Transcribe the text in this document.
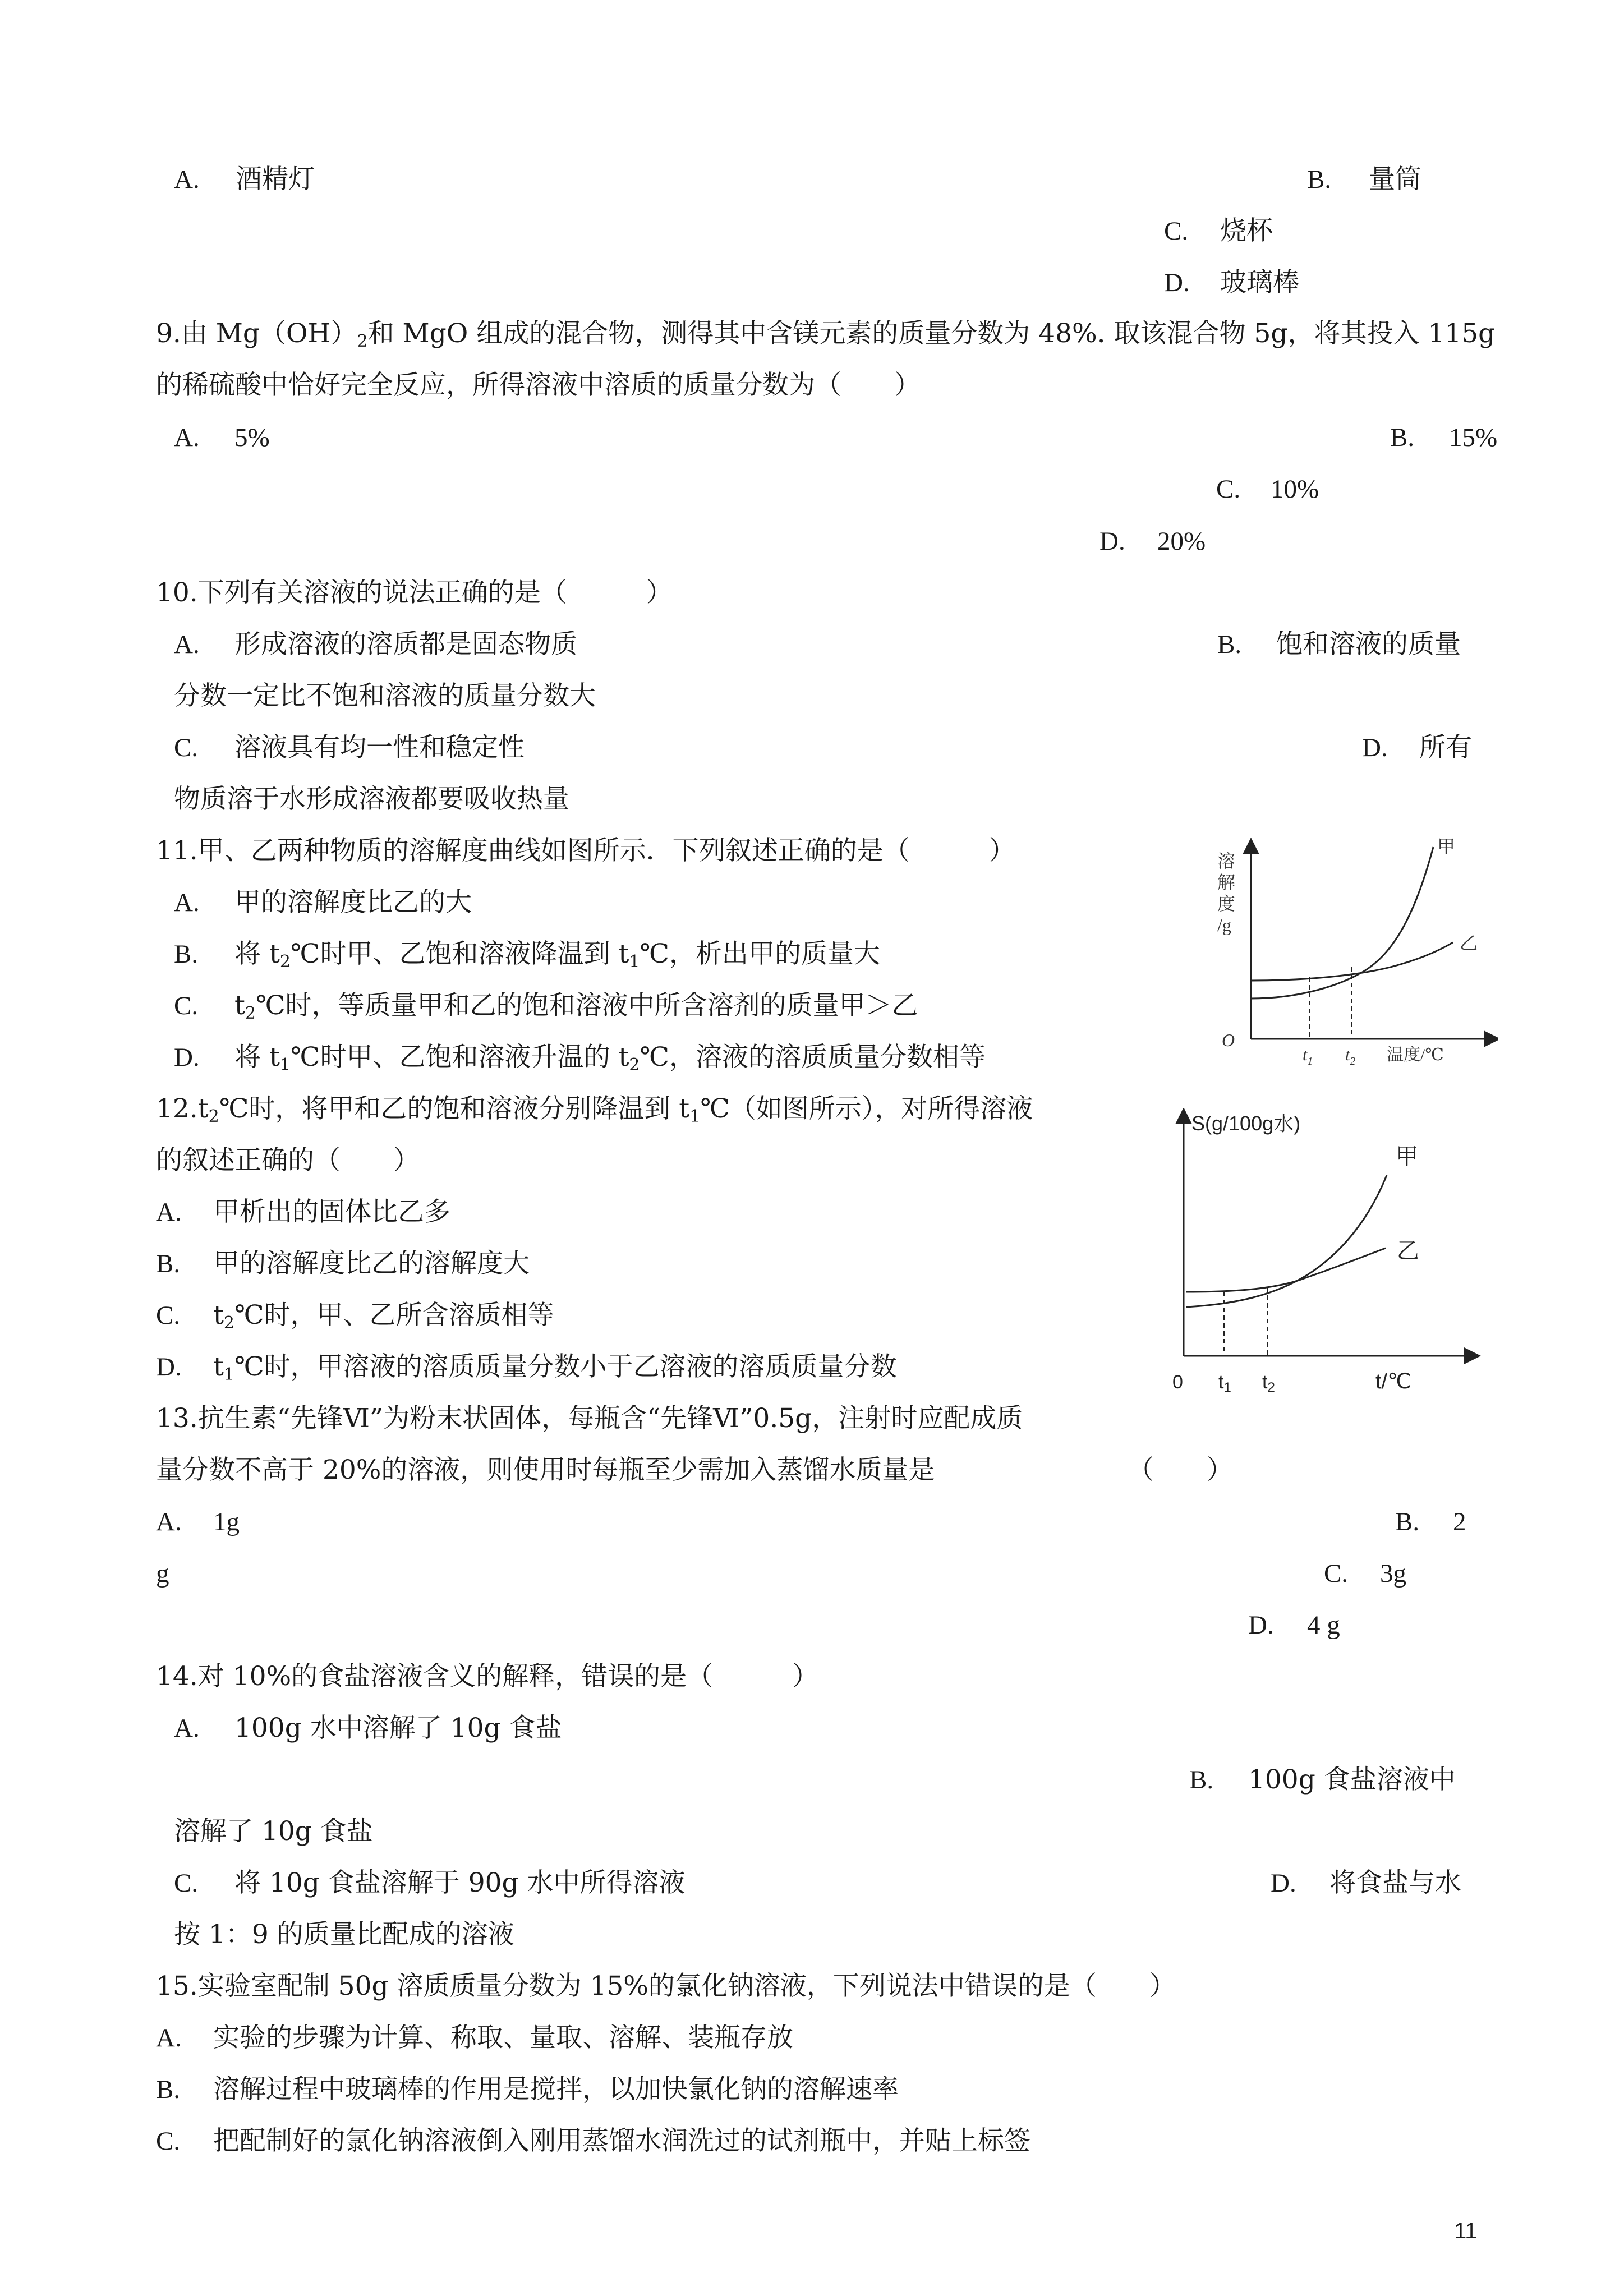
A. 酒精灯	B. 量筒
C. 烧杯
D. 玻璃棒
9.由 $Mg(OH)_2$和 MgO 组成的混合物，测得其中含镁元素的质量分数为 48%. 取该混合物 5g，将其投入 115g
的稀硫酸中恰好完全反应，所得溶液中溶质的质量分数为（　　）
A. 5%	B. 15%
C. 10%
D. 20%
10.下列有关溶液的说法正确的是（　　　）
A. 形成溶液的溶质都是固态物质	B. 饱和溶液的质量
分数一定比不饱和溶液的质量分数大
C. 溶液具有均一性和稳定性	D. 所有
物质溶于水形成溶液都要吸收热量
11.甲、乙两种物质的溶解度曲线如图所示．下列叙述正确的是（　　　）
A. 甲的溶解度比乙的大
B. 将 $t_2℃$时甲、乙饱和溶液降温到 $t_1℃$，析出甲的质量大
C. $t_2℃$时，等质量甲和乙的饱和溶液中所含溶剂的质量甲＞乙
D. 将 $t_1℃$时甲、乙饱和溶液升温的 $t_2℃$，溶液的溶质质量分数相等
溶
解
度
/g
O
$t_1$ $t_2$ 温度/℃
甲
乙
$12.t_2℃$时，将甲和乙的饱和溶液分别降温到 $t_1℃$（如图所示），对所得溶液
的叙述正确的（　　）
A. 甲析出的固体比乙多
B. 甲的溶解度比乙的溶解度大
C. $t_2℃$时，甲、乙所含溶质相等
D. $t_1℃$时，甲溶液的溶质质量分数小于乙溶液的溶质质量分数
S(g/100g水)
甲
乙
0 t1 t2	t/℃
13.抗生素“先锋Ⅵ”为粉末状固体，每瓶含“先锋Ⅵ”0.5g，注射时应配成质
量分数不高于 20%的溶液，则使用时每瓶至少需加入蒸馏水质量是	（　　）
A. 1g	B. 2
g	C. 3g
D. 4 g
14.对 10%的食盐溶液含义的解释，错误的是（　　　）
A. 100g 水中溶解了 10g 食盐
B. 100g 食盐溶液中
溶解了 10g 食盐
C. 将 10g 食盐溶解于 90g 水中所得溶液	D. 将食盐与水
按 1：9 的质量比配成的溶液
15.实验室配制 50g 溶质质量分数为 15%的氯化钠溶液，下列说法中错误的是（　　）
A. 实验的步骤为计算、称取、量取、溶解、装瓶存放
B. 溶解过程中玻璃棒的作用是搅拌，以加快氯化钠的溶解速率
C. 把配制好的氯化钠溶液倒入刚用蒸馏水润洗过的试剂瓶中，并贴上标签
11
